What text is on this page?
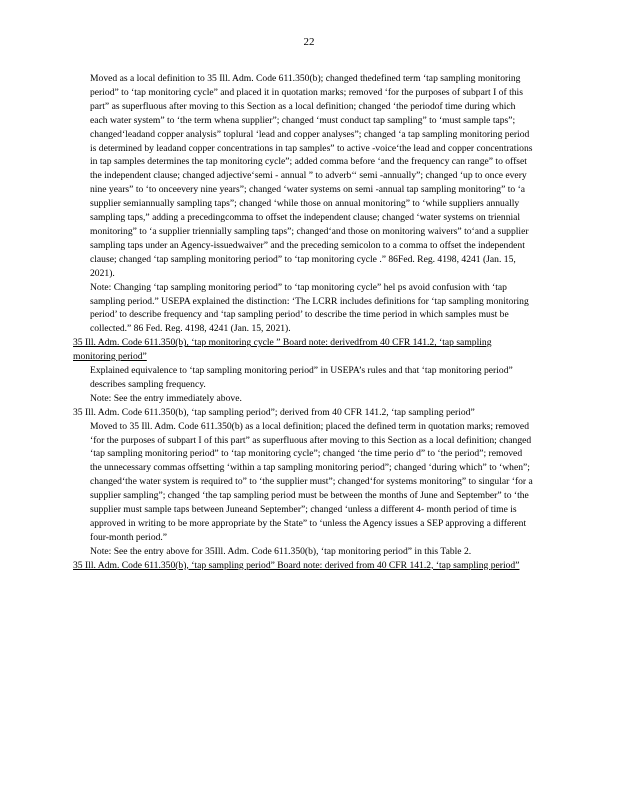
22

Moved as a local definition to 35 Ill. Adm. Code 611.350(b); changed thedefined term ‘tap sampling monitoring period” to ‘tap monitoring cycle” and placed it in quotation marks; removed ‘for the purposes of subpart I of this part” as superfluous after moving to this Section as a local definition; changed ‘the periodof time during which each water system” to ‘the term whena supplier”; changed ‘must conduct tap sampling” to ‘must sample taps”; changed‘leadand copper analysis” toplural ‘lead and copper analyses”; changed ‘a tap sampling monitoring period is determined by leadand copper concentrations in tap samples” to active -voice‘the lead and copper concentrations in tap samples determines the tap monitoring cycle”; added comma before ‘and the frequency can range” to offset the independent clause; changed adjective‘semi - annual ” to adverb‘‘ semi -annually”; changed ‘up to once every nine years” to ‘to onceevery nine years”; changed ‘water systems on semi -annual tap sampling monitoring” to ‘a supplier semiannually sampling taps”; changed ‘while those on annual monitoring” to ‘while suppliers annually sampling taps,” adding a precedingcomma to offset the independent clause; changed ‘water systems on triennial monitoring” to ‘a supplier triennially sampling taps”; changed‘and those on monitoring waivers” to‘and a supplier sampling taps under an Agency-issuedwaiver” and the preceding semicolon to a comma to offset the independent clause; changed ‘tap sampling monitoring period” to ‘tap monitoring cycle .” 86Fed. Reg. 4198, 4241 (Jan. 15, 2021).

Note: Changing ‘tap sampling monitoring period” to ‘tap monitoring cycle” hel ps avoid confusion with ‘tap sampling period.” USEPA explained the distinction: ‘The LCRR includes definitions for ‘tap sampling monitoring period’ to describe frequency and ‘tap sampling period’ to describe the time period in which samples must be collected.” 86 Fed. Reg. 4198, 4241 (Jan. 15, 2021).

35 Ill. Adm. Code 611.350(b), ‘tap monitoring cycle ” Board note: derivedfrom 40 CFR 141.2, ‘tap sampling monitoring period”

Explained equivalence to ‘tap sampling monitoring period” in USEPA’s rules and that ‘tap monitoring period” describes sampling frequency.

Note: See the entry immediately above.

35 Ill. Adm. Code 611.350(b), ‘tap sampling period”; derived from 40 CFR 141.2, ‘tap sampling period”

Moved to 35 Ill. Adm. Code 611.350(b) as a local definition; placed the defined term in quotation marks; removed ‘for the purposes of subpart I of this part” as superfluous after moving to this Section as a local definition; changed ‘tap sampling monitoring period” to ‘tap monitoring cycle”; changed ‘the time perio d” to ‘the period”; removed the unnecessary commas offsetting ‘within a tap sampling monitoring period”; changed ‘during which” to ‘when”; changed‘the water system is required to” to ‘the supplier must”; changed‘for systems monitoring” to singular ‘for a supplier sampling”; changed ‘the tap sampling period must be between the months of June and September” to ‘the supplier must sample taps between Juneand September”; changed ‘unless a different 4- month period of time is approved in writing to be more appropriate by the State” to ‘unless the Agency issues a SEP approving a different four-month period.”

Note: See the entry above for 35Ill. Adm. Code 611.350(b), ‘tap monitoring period” in this Table 2.

35 Ill. Adm. Code 611.350(b), ‘tap sampling period” Board note: derived from 40 CFR 141.2, ‘tap sampling period”
